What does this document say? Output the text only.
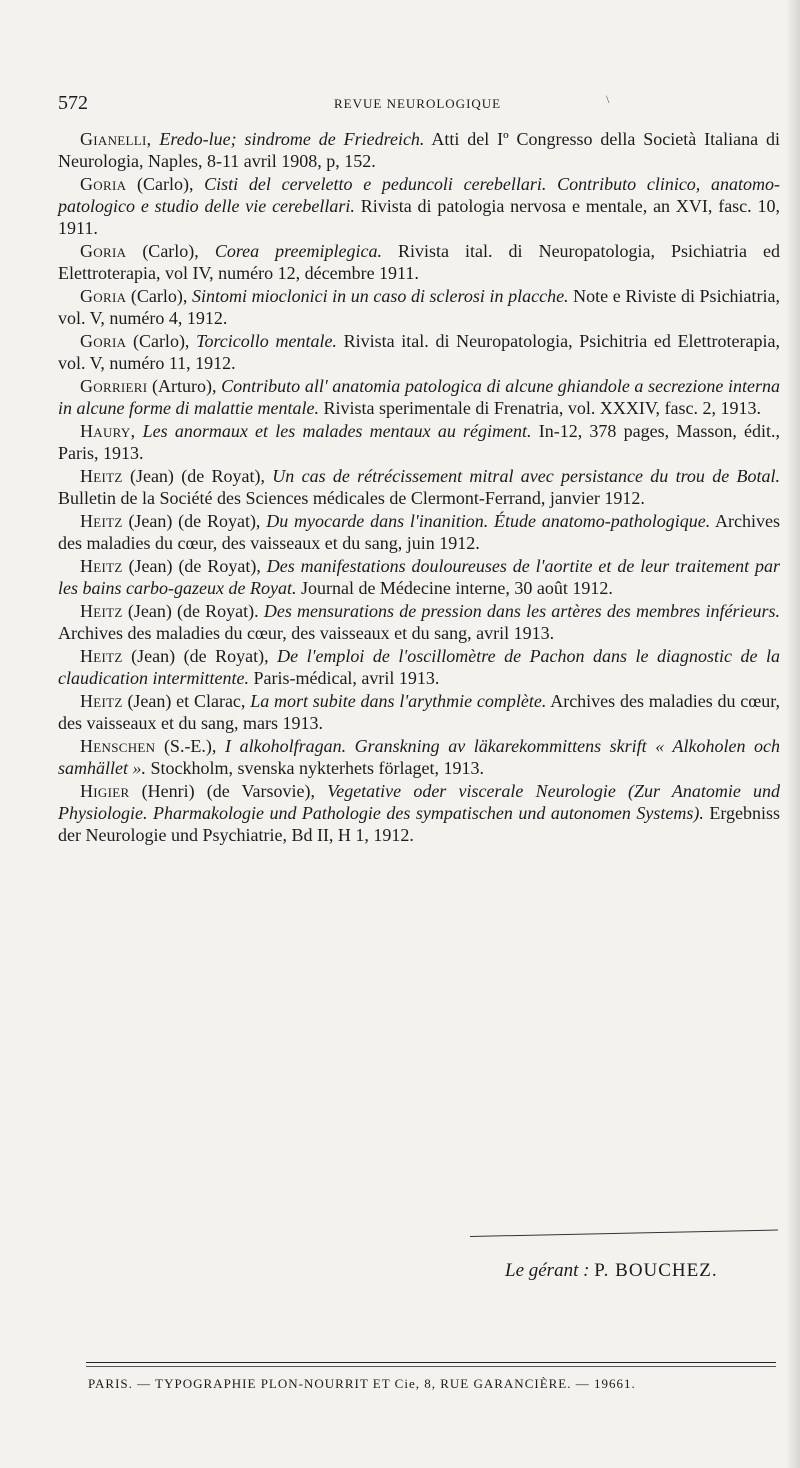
572	REVUE NEUROLOGIQUE	\

Gianelli, Eredo-lue; sindrome de Friedreich. Atti del Iº Congresso della Società Italiana di Neurologia, Naples, 8-11 avril 1908, p, 152.

Goria (Carlo), Cisti del cerveletto e peduncoli cerebellari. Contributo clinico, anatomo-patologico e studio delle vie cerebellari. Rivista di patologia nervosa e mentale, an XVI, fasc. 10, 1911.

Goria (Carlo), Corea preemiplegica. Rivista ital. di Neuropatologia, Psichiatria ed Elettroterapia, vol IV, numéro 12, décembre 1911.

Goria (Carlo), Sintomi mioclonici in un caso di sclerosi in placche. Note e Riviste di Psichiatria, vol. V, numéro 4, 1912.

Goria (Carlo), Torcicollo mentale. Rivista ital. di Neuropatologia, Psichitria ed Elettroterapia, vol. V, numéro 11, 1912.

Gorrieri (Arturo), Contributo all' anatomia patologica di alcune ghiandole a secrezione interna in alcune forme di malattie mentale. Rivista sperimentale di Frenatria, vol. XXXIV, fasc. 2, 1913.

Haury, Les anormaux et les malades mentaux au régiment. In-12, 378 pages, Masson, édit., Paris, 1913.

Heitz (Jean) (de Royat), Un cas de rétrécissement mitral avec persistance du trou de Botal. Bulletin de la Société des Sciences médicales de Clermont-Ferrand, janvier 1912.

Heitz (Jean) (de Royat), Du myocarde dans l'inanition. Étude anatomo-pathologique. Archives des maladies du cœur, des vaisseaux et du sang, juin 1912.

Heitz (Jean) (de Royat), Des manifestations douloureuses de l'aortite et de leur traitement par les bains carbo-gazeux de Royat. Journal de Médecine interne, 30 août 1912.

Heitz (Jean) (de Royat). Des mensurations de pression dans les artères des membres inférieurs. Archives des maladies du cœur, des vaisseaux et du sang, avril 1913.

Heitz (Jean) (de Royat), De l'emploi de l'oscillomètre de Pachon dans le diagnostic de la claudication intermittente. Paris-médical, avril 1913.

Heitz (Jean) et Clarac, La mort subite dans l'arythmie complète. Archives des maladies du cœur, des vaisseaux et du sang, mars 1913.

Henschen (S.-E.), I alkoholfragan. Granskning av läkarekommittens skrift « Alkoholen och samhället ». Stockholm, svenska nykterhets förlaget, 1913.

Higier (Henri) (de Varsovie), Vegetative oder viscerale Neurologie (Zur Anatomie und Physiologie. Pharmakologie und Pathologie des sympatischen und autonomen Systems). Ergebniss der Neurologie und Psychiatrie, Bd II, H 1, 1912.

Le gérant : P. BOUCHEZ.
PARIS. — TYPOGRAPHIE PLON-NOURRIT ET Cie, 8, RUE GARANCIÈRE. — 19661.
